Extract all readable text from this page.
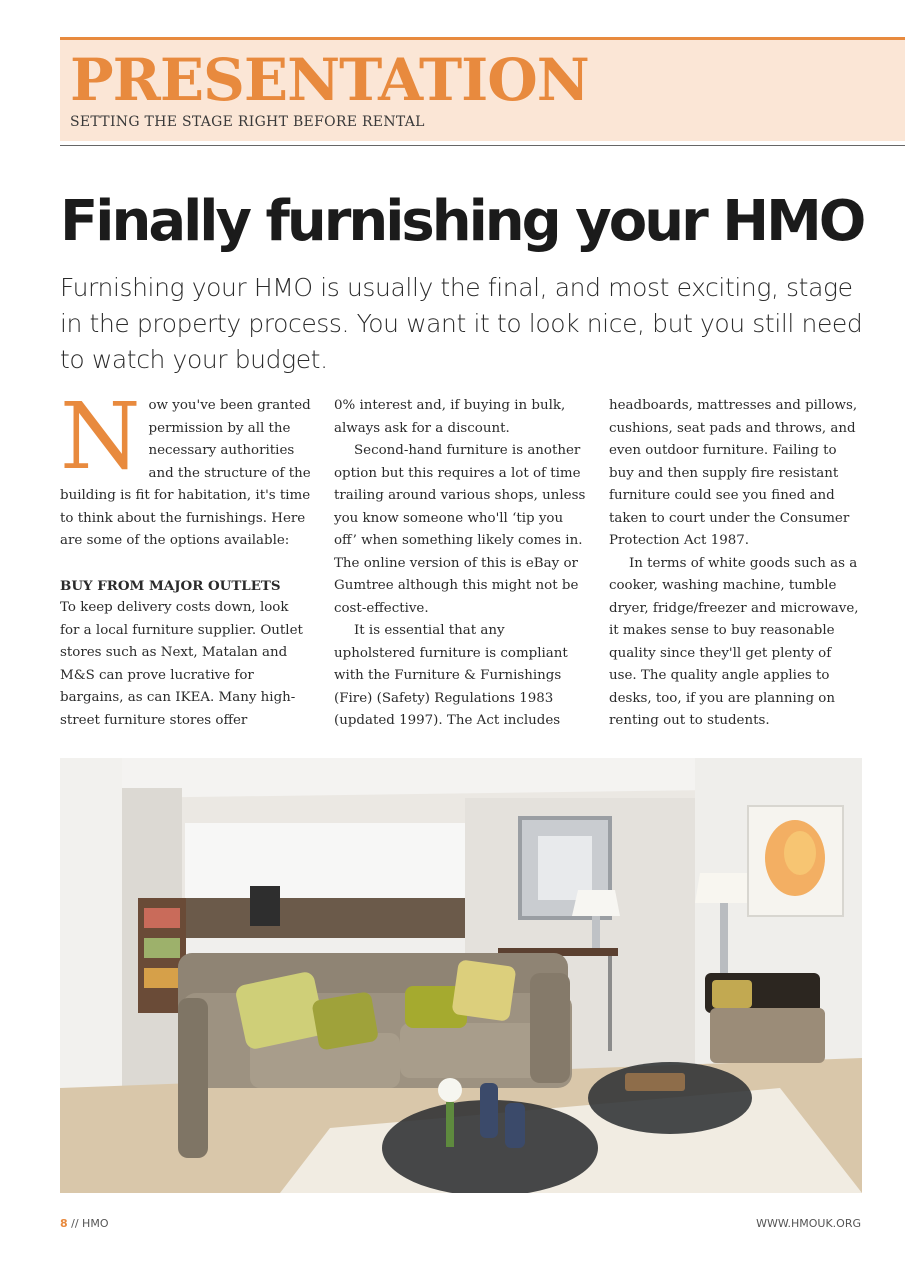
PRESENTATION
SETTING THE STAGE RIGHT BEFORE RENTAL
Finally furnishing your HMO
Furnishing your HMO is usually the final, and most exciting, stage in the property process. You want it to look nice, but you still need to watch your budget.
N ow you've been granted permission by all the necessary authorities and the structure of the building is fit for habitation, it's time to think about the furnishings. Here are some of the options available:

BUY FROM MAJOR OUTLETS

To keep delivery costs down, look for a local furniture supplier. Outlet stores such as Next, Matalan and M&S can prove lucrative for bargains, as can IKEA. Many high-street furniture stores offer

0% interest and, if buying in bulk, always ask for a discount.

Second-hand furniture is another option but this requires a lot of time trailing around various shops, unless you know someone who'll ‘tip you off’ when something likely comes in. The online version of this is eBay or Gumtree although this might not be cost-effective.

It is essential that any upholstered furniture is compliant with the Furniture & Furnishings (Fire) (Safety) Regulations 1983 (updated 1997). The Act includes

headboards, mattresses and pillows, cushions, seat pads and throws, and even outdoor furniture. Failing to buy and then supply fire resistant furniture could see you fined and taken to court under the Consumer Protection Act 1987.

In terms of white goods such as a cooker, washing machine, tumble dryer, fridge/freezer and microwave, it makes sense to buy reasonable quality since they'll get plenty of use. The quality angle applies to desks, too, if you are planning on renting out to students.

8 // HMO	WWW.HMOUK.ORG
